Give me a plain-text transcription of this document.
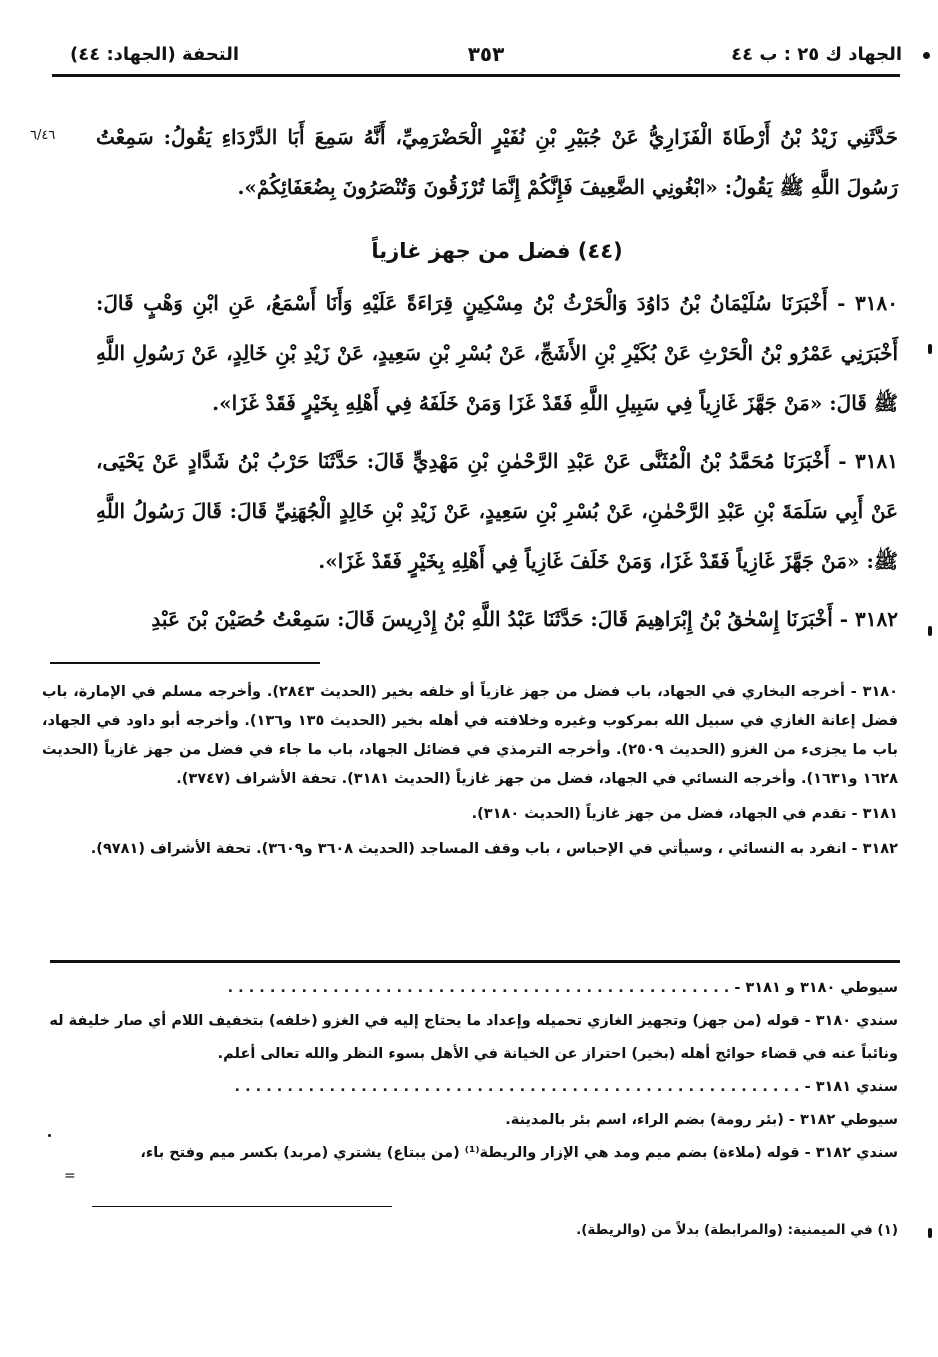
الجهاد ك ٢٥ : ب ٤٤
٣٥٣
التحفة (الجهاد: ٤٤)
٦/٤٦ حَدَّثَنِي زَيْدُ بْنُ أَرْطَاةَ الْفَزَارِيُّ عَنْ جُبَيْرِ بْنِ نُفَيْرٍ الْحَضْرَمِيِّ، أَنَّهُ سَمِعَ أَبَا الدَّرْدَاءِ يَقُولُ: سَمِعْتُ رَسُولَ اللَّهِ ﷺ يَقُولُ: «ابْغُونِي الضَّعِيفَ فَإِنَّكُمْ إِنَّمَا تُرْزَقُونَ وَتُنْصَرُونَ بِضُعَفَائِكُمْ».

(٤٤) فضل من جهز غازياً

٣١٨٠ - أَخْبَرَنَا سُلَيْمَانُ بْنُ دَاوُدَ وَالْحَرْثُ بْنُ مِسْكِينٍ قِرَاءَةً عَلَيْهِ وَأَنَا أَسْمَعُ، عَنِ ابْنِ وَهْبٍ قَالَ: أَخْبَرَنِي عَمْرُو بْنُ الْحَرْثِ عَنْ بُكَيْرِ بْنِ الأَشَجِّ، عَنْ بُسْرِ بْنِ سَعِيدٍ، عَنْ زَيْدِ بْنِ خَالِدٍ، عَنْ رَسُولِ اللَّهِ ﷺ قَالَ: «مَنْ جَهَّزَ غَازِياً فِي سَبِيلِ اللَّهِ فَقَدْ غَزَا وَمَنْ خَلَفَهُ فِي أَهْلِهِ بِخَيْرٍ فَقَدْ غَزَا».

٣١٨١ - أَخْبَرَنَا مُحَمَّدُ بْنُ الْمُثَنَّى عَنْ عَبْدِ الرَّحْمٰنِ بْنِ مَهْدِيٍّ قَالَ: حَدَّثَنَا حَرْبُ بْنُ شَدَّادٍ عَنْ يَحْيَى، عَنْ أَبِي سَلَمَةَ بْنِ عَبْدِ الرَّحْمٰنِ، عَنْ بُسْرِ بْنِ سَعِيدٍ، عَنْ زَيْدِ بْنِ خَالِدٍ الْجُهَنِيِّ قَالَ: قَالَ رَسُولُ اللَّهِ ﷺ: «مَنْ جَهَّزَ غَازِياً فَقَدْ غَزَا، وَمَنْ خَلَفَ غَازِياً فِي أَهْلِهِ بِخَيْرٍ فَقَدْ غَزَا».

٣١٨٢ - أَخْبَرَنَا إِسْحٰقُ بْنُ إِبْرَاهِيمَ قَالَ: حَدَّثَنَا عَبْدُ اللَّهِ بْنُ إِدْرِيسَ قَالَ: سَمِعْتُ حُصَيْنَ بْنَ عَبْدِ

٣١٨٠ - أخرجه البخاري في الجهاد، باب فضل من جهز غازياً أو خلفه بخير (الحديث ٢٨٤٣). وأخرجه مسلم في الإمارة، باب فضل إعانة الغازي في سبيل الله بمركوب وغيره وخلافته في أهله بخير (الحديث ١٣٥ و١٣٦). وأخرجه أبو داود في الجهاد، باب ما يجزىء من الغزو (الحديث ٢٥٠٩). وأخرجه الترمذي في فضائل الجهاد، باب ما جاء في فضل من جهز غازياً (الحديث ١٦٢٨ و١٦٣١). وأخرجه النسائي في الجهاد، فضل من جهز غازياً (الحديث ٣١٨١). تحفة الأشراف (٣٧٤٧).

٣١٨١ - تقدم في الجهاد، فضل من جهز غازياً (الحديث ٣١٨٠).

٣١٨٢ - انفرد به النسائي ، وسيأتي في الإحباس ، باب وقف المساجد (الحديث ٣٦٠٨ و٣٦٠٩). تحفة الأشراف (٩٧٨١).

سيوطي ٣١٨٠ و ٣١٨١ - . . . . . . . . . . . . . . . . . . . . . . . . . . . . . . . . . . . . . . . . . . . . . . . .

سندي ٣١٨٠ - قوله (من جهز) وتجهيز الغازي تحميله وإعداد ما يحتاج إليه في الغزو (خلفه) بتخفيف اللام أي صار خليفة له ونائباً عنه في قضاء حوائج أهله (بخير) احتراز عن الخيانة في الأهل بسوء النظر والله تعالى أعلم.

سندي ٣١٨١ - . . . . . . . . . . . . . . . . . . . . . . . . . . . . . . . . . . . . . . . . . . . . . . . . . . . . . .

سيوطي ٣١٨٢ - (بئر رومة) بضم الراء، اسم بئر بالمدينة.

سندي ٣١٨٢ - قوله (ملاءة) بضم ميم ومد هي الإزار والريطة⁽¹⁾ (من يبتاع) يشتري (مربد) بكسر ميم وفتح باء،

=
(١) في الميمنية: (والمرابطة) بدلاً من (والريطة).
